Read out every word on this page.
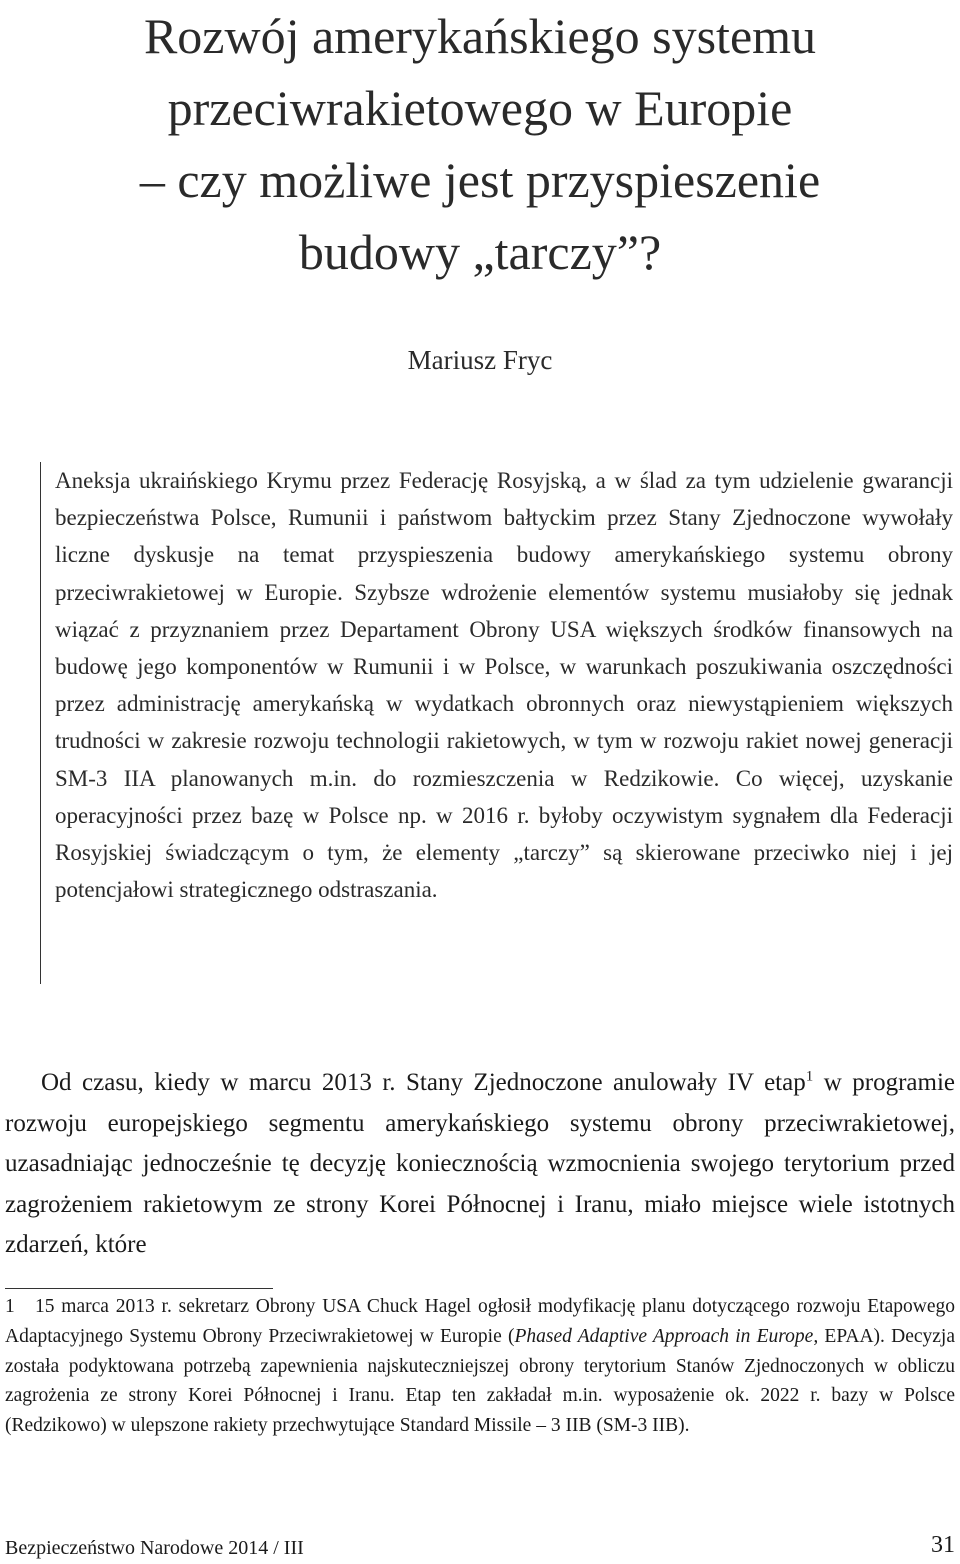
Rozwój amerykańskiego systemu
przeciwrakietowego w Europie
– czy możliwe jest przyspieszenie
budowy „tarczy”?
Mariusz Fryc

Aneksja ukraińskiego Krymu przez Federację Rosyjską, a w ślad za tym udzielenie gwarancji bezpieczeństwa Polsce, Rumunii i państwom bałtyckim przez Stany Zjednoczone wywołały liczne dyskusje na temat przyspieszenia budowy amerykańskiego systemu obrony przeciwrakietowej w Europie. Szybsze wdrożenie elementów systemu musiałoby się jednak wiązać z przyznaniem przez Departament Obrony USA większych środków finansowych na budowę jego komponentów w Rumunii i w Polsce, w warunkach poszukiwania oszczędności przez administrację amerykańską w wydatkach obronnych oraz niewystąpieniem większych trudności w zakresie rozwoju technologii rakietowych, w tym w rozwoju rakiet nowej generacji SM-3 IIA planowanych m.in. do rozmieszczenia w Redzikowie. Co więcej, uzyskanie operacyjności przez bazę w Polsce np. w 2016 r. byłoby oczywistym sygnałem dla Federacji Rosyjskiej świadczącym o tym, że elementy „tarczy” są skierowane przeciwko niej i jej potencjałowi strategicznego odstraszania.

Od czasu, kiedy w marcu 2013 r. Stany Zjednoczone anulowały IV etap$^1$ w programie rozwoju europejskiego segmentu amerykańskiego systemu obrony przeciwrakietowej, uzasadniając jednocześnie tę decyzję koniecznością wzmocnienia swojego terytorium przed zagrożeniem rakietowym ze strony Korei Północnej i Iranu, miało miejsce wiele istotnych zdarzeń, które

1 15 marca 2013 r. sekretarz Obrony USA Chuck Hagel ogłosił modyfikację planu dotyczącego rozwoju Etapowego Adaptacyjnego Systemu Obrony Przeciwrakietowej w Europie (Phased Adaptive Approach in Europe, EPAA). Decyzja została podyktowana potrzebą zapewnienia najskuteczniejszej obrony terytorium Stanów Zjednoczonych w obliczu zagrożenia ze strony Korei Północnej i Iranu. Etap ten zakładał m.in. wyposażenie ok. 2022 r. bazy w Polsce (Redzikowo) w ulepszone rakiety przechwytujące Standard Missile – 3 IIB (SM-3 IIB).

Bezpieczeństwo Narodowe 2014 / III	31
